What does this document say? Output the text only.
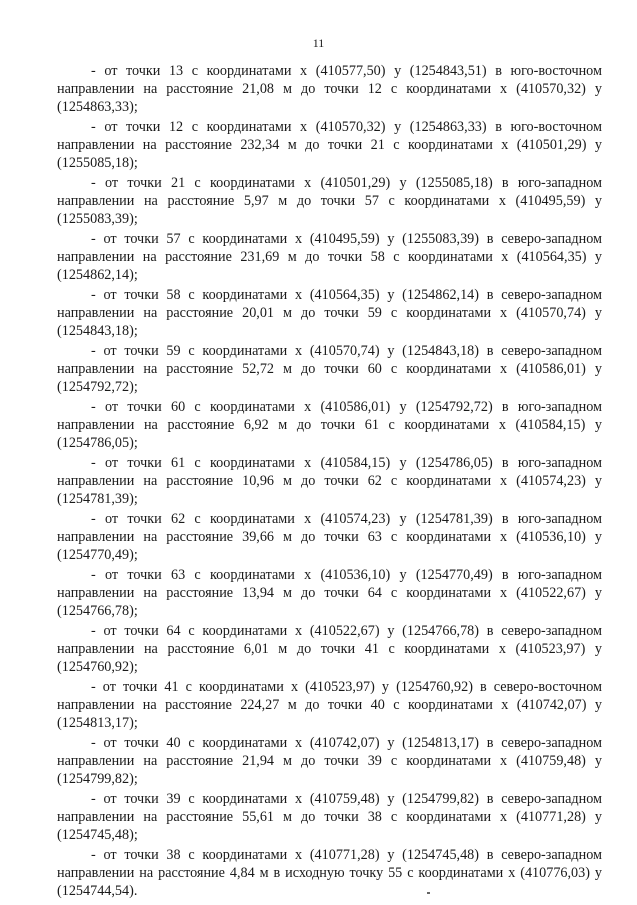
11

- от точки 13 с координатами х (410577,50) у (1254843,51) в юго-восточном направлении на расстояние 21,08 м до точки 12 с координатами х (410570,32) у (1254863,33);

- от точки 12 с координатами х (410570,32) у (1254863,33) в юго-восточном направлении на расстояние 232,34 м до точки 21 с координатами х (410501,29) у (1255085,18);

- от точки 21 с координатами х (410501,29) у (1255085,18) в юго-западном направлении на расстояние 5,97 м до точки 57 с координатами х (410495,59) у (1255083,39);

- от точки 57 с координатами х (410495,59) у (1255083,39) в северо-западном направлении на расстояние 231,69 м до точки 58 с координатами х (410564,35) у (1254862,14);

- от точки 58 с координатами х (410564,35) у (1254862,14) в северо-западном направлении на расстояние 20,01 м до точки 59 с координатами х (410570,74) у (1254843,18);

- от точки 59 с координатами х (410570,74) у (1254843,18) в северо-западном направлении на расстояние 52,72 м до точки 60 с координатами х (410586,01) у (1254792,72);

- от точки 60 с координатами х (410586,01) у (1254792,72) в юго-западном направлении на расстояние 6,92 м до точки 61 с координатами х (410584,15) у (1254786,05);

- от точки 61 с координатами х (410584,15) у (1254786,05) в юго-западном направлении на расстояние 10,96 м до точки 62 с координатами х (410574,23) у (1254781,39);

- от точки 62 с координатами х (410574,23) у (1254781,39) в юго-западном направлении на расстояние 39,66 м до точки 63 с координатами х (410536,10) у (1254770,49);

- от точки 63 с координатами х (410536,10) у (1254770,49) в юго-западном направлении на расстояние 13,94 м до точки 64 с координатами х (410522,67) у (1254766,78);

- от точки 64 с координатами х (410522,67) у (1254766,78) в северо-западном направлении на расстояние 6,01 м до точки 41 с координатами х (410523,97) у (1254760,92);

- от точки 41 с координатами х (410523,97) у (1254760,92) в северо-восточном направлении на расстояние 224,27 м до точки 40 с координатами х (410742,07) у (1254813,17);

- от точки 40 с координатами х (410742,07) у (1254813,17) в северо-западном направлении на расстояние 21,94 м до точки 39 с координатами х (410759,48) у (1254799,82);

- от точки 39 с координатами х (410759,48) у (1254799,82) в северо-западном направлении на расстояние 55,61 м до точки 38 с координатами х (410771,28) у (1254745,48);

- от точки 38 с координатами х (410771,28) у (1254745,48) в северо-западном направлении на расстояние 4,84 м в исходную точку 55 с координатами х (410776,03) у (1254744,54).
